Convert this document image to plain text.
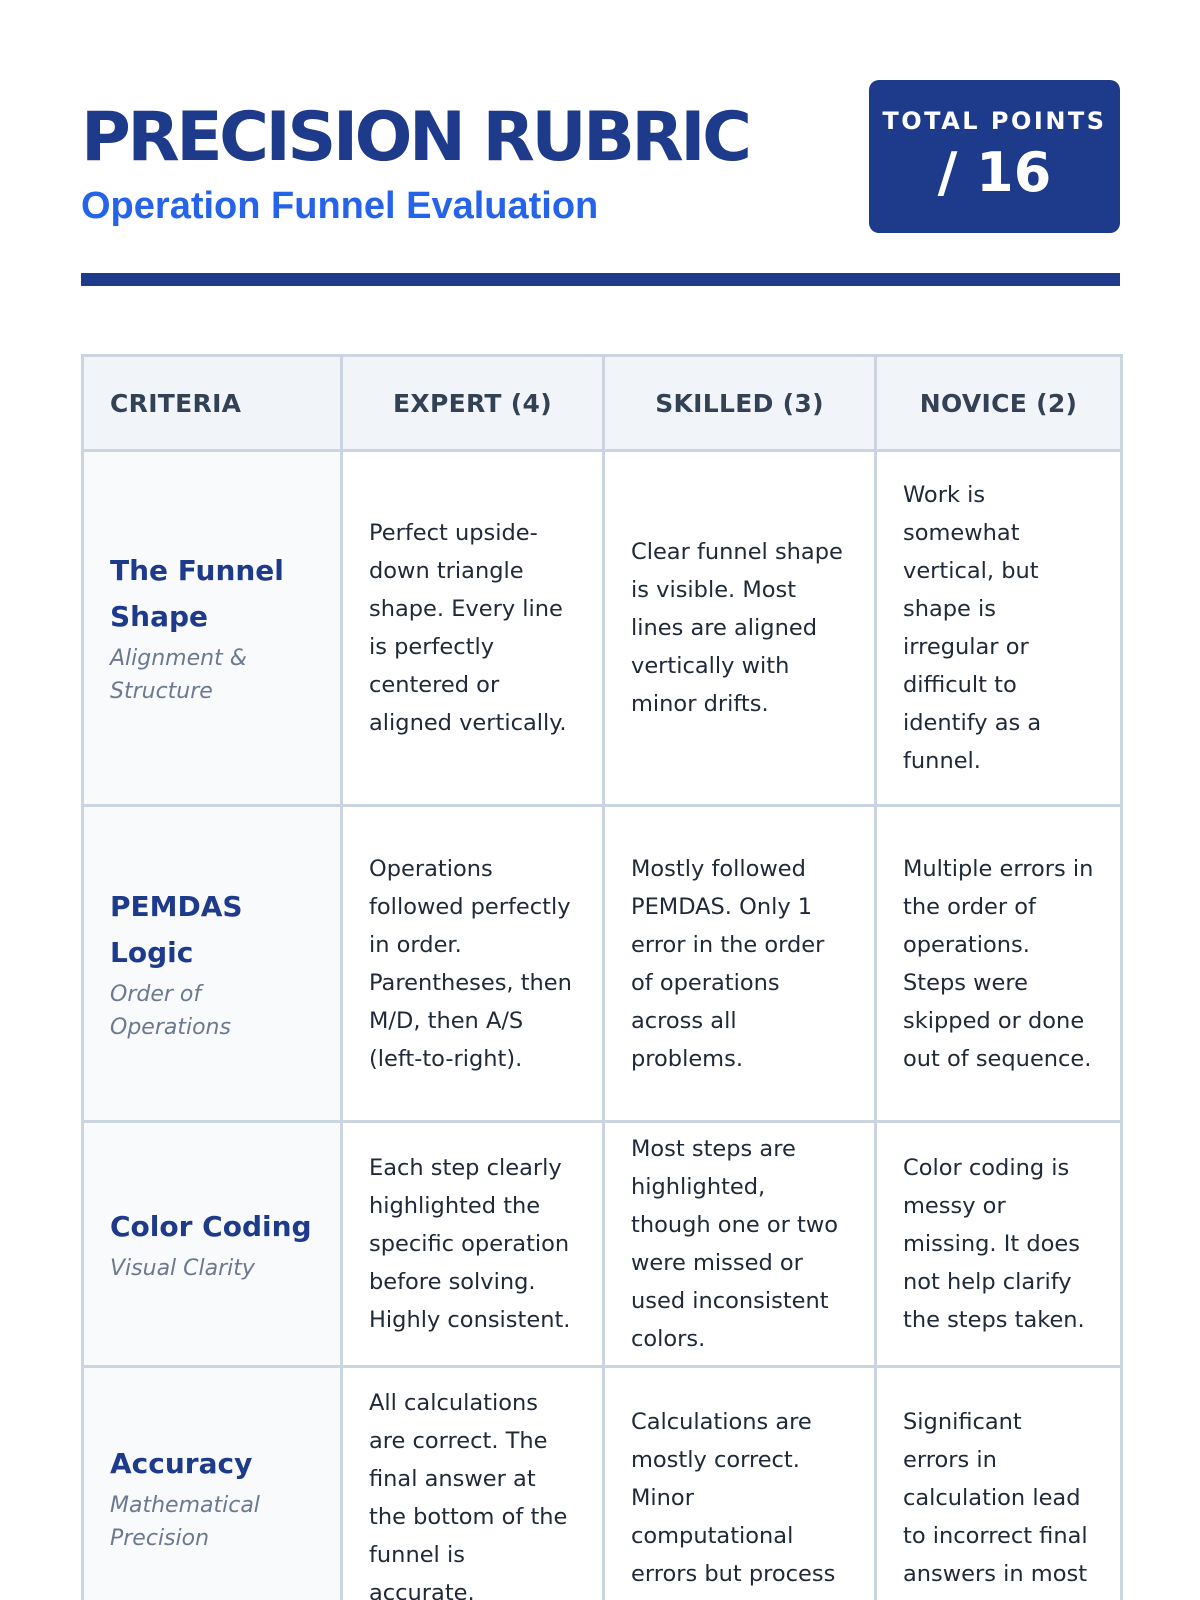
PRECISION RUBRIC
Operation Funnel Evaluation
TOTAL POINTS
/ 16
CRITERIA	EXPERT (4)	SKILLED (3)	NOVICE (2)

The Funnel Shape
Alignment & Structure	Perfect upside-down triangle shape. Every line is perfectly centered or aligned vertically.	Clear funnel shape is visible. Most lines are aligned vertically with minor drifts.	Work is somewhat vertical, but shape is irregular or difficult to identify as a funnel.

PEMDAS Logic
Order of Operations	Operations followed perfectly in order. Parentheses, then M/D, then A/S (left-to-right).	Mostly followed PEMDAS. Only 1 error in the order of operations across all problems.	Multiple errors in the order of operations. Steps were skipped or done out of sequence.

Color Coding
Visual Clarity	Each step clearly highlighted the specific operation before solving. Highly consistent.	Most steps are highlighted, though one or two were missed or used inconsistent colors.	Color coding is messy or missing. It does not help clarify the steps taken.

Accuracy
Mathematical Precision	All calculations are correct. The final answer at the bottom of the funnel is accurate.	Calculations are mostly correct. Minor computational errors but process	Significant errors in calculation lead to incorrect final answers in most
